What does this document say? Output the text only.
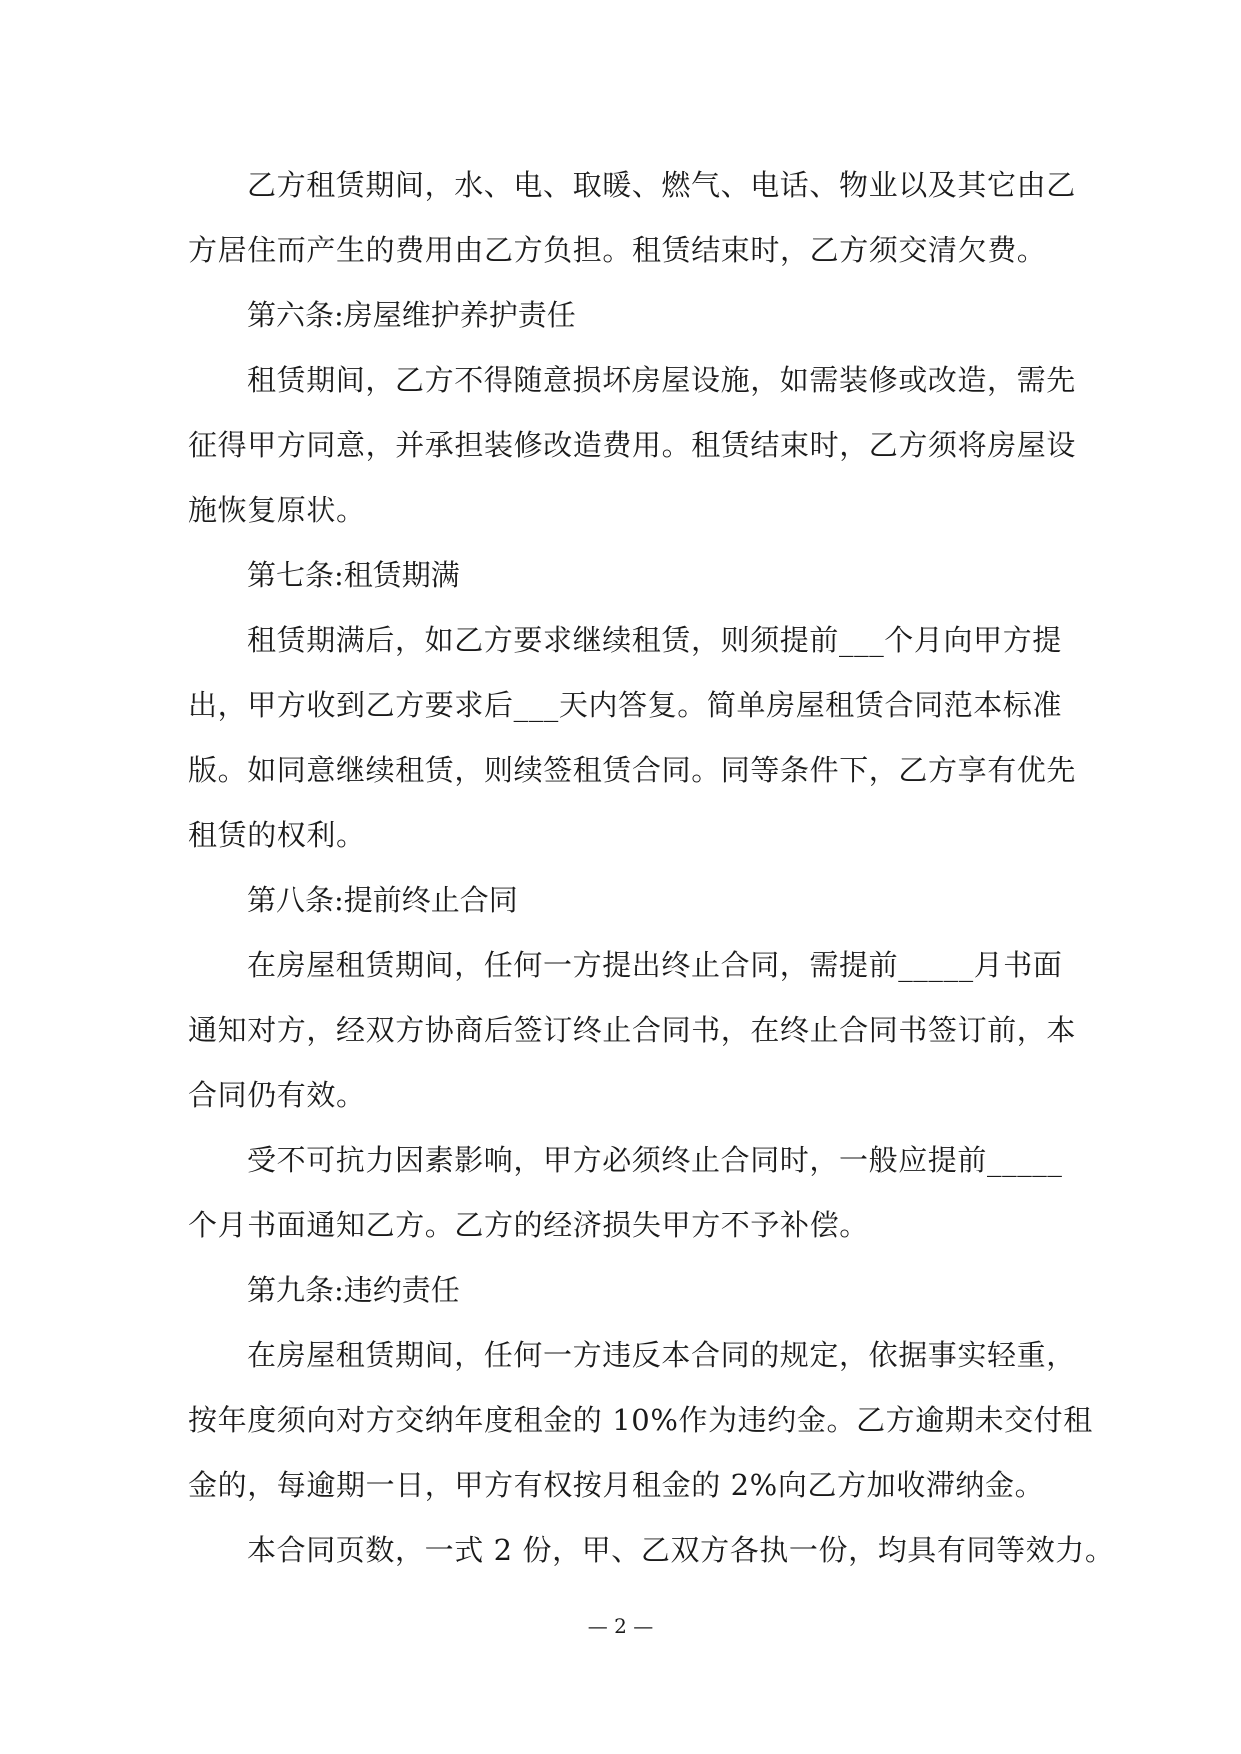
乙方租赁期间，水、电、取暖、燃气、电话、物业以及其它由乙
方居住而产生的费用由乙方负担。租赁结束时，乙方须交清欠费。
第六条:房屋维护养护责任
租赁期间，乙方不得随意损坏房屋设施，如需装修或改造，需先
征得甲方同意，并承担装修改造费用。租赁结束时，乙方须将房屋设
施恢复原状。
第七条:租赁期满
租赁期满后，如乙方要求继续租赁，则须提前___个月向甲方提
出，甲方收到乙方要求后___天内答复。简单房屋租赁合同范本标准
版。如同意继续租赁，则续签租赁合同。同等条件下，乙方享有优先
租赁的权利。
第八条:提前终止合同
在房屋租赁期间，任何一方提出终止合同，需提前_____月书面
通知对方，经双方协商后签订终止合同书，在终止合同书签订前，本
合同仍有效。
受不可抗力因素影响，甲方必须终止合同时，一般应提前_____
个月书面通知乙方。乙方的经济损失甲方不予补偿。
第九条:违约责任
在房屋租赁期间，任何一方违反本合同的规定，依据事实轻重，
按年度须向对方交纳年度租金的 10%作为违约金。乙方逾期未交付租
金的，每逾期一日，甲方有权按月租金的 2%向乙方加收滞纳金。
本合同页数，一式 2 份，甲、乙双方各执一份，均具有同等效力。
— 2 —
